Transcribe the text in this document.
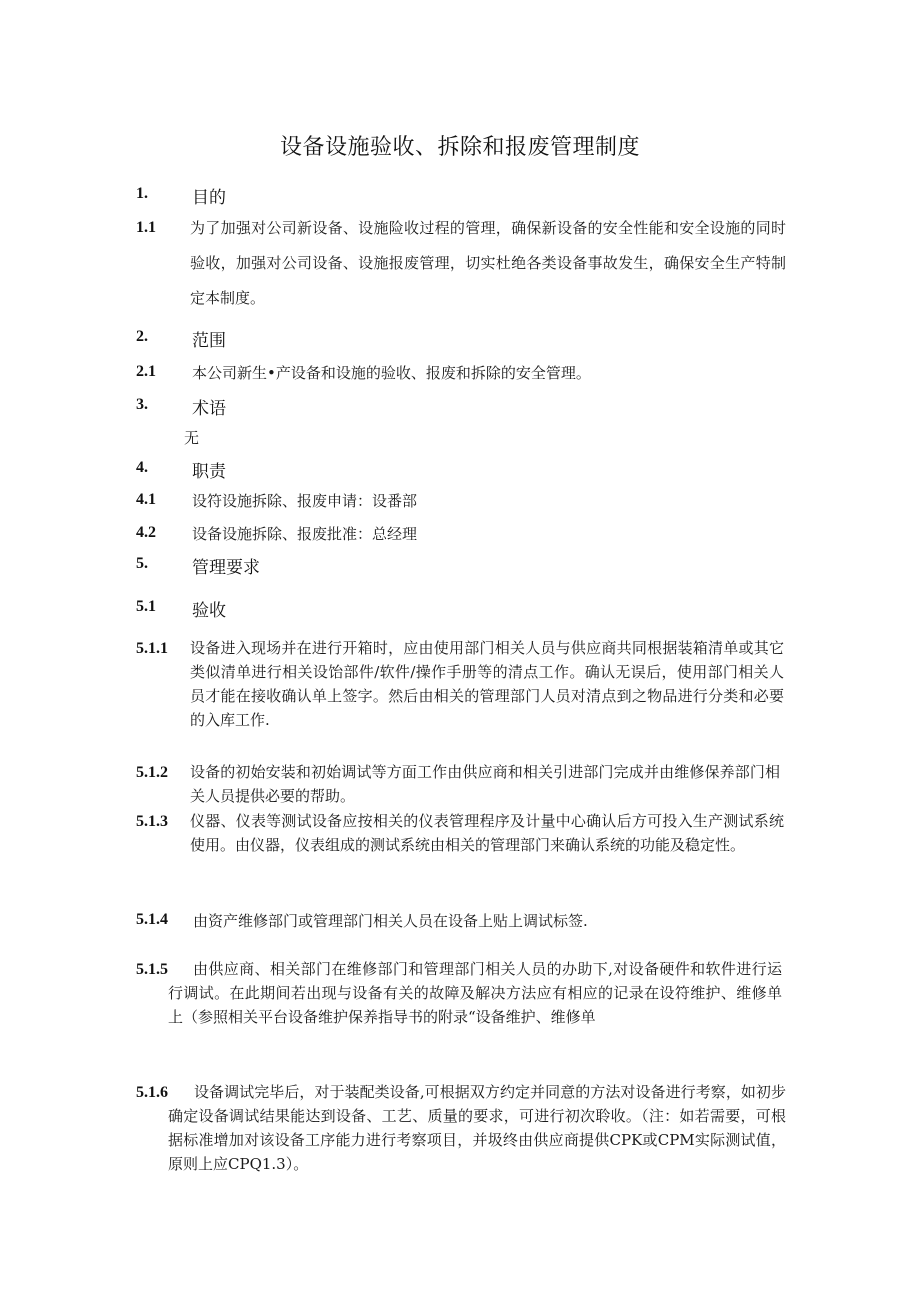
设备设施验收、拆除和报废管理制度
1.	目的
1.1 为了加强对公司新设备、设施险收过程的管理，确保新设备的安全性能和安全设施的同时验收，加强对公司设备、设施报废管理，切实杜绝各类设备事故发生，确保安全生产特制定本制度。
2.	范围
2.1 本公司新生•产设备和设施的验收、报废和拆除的安全管理。
3.	术语
无
4.	职责
4.1 设符设施拆除、报废申请：设番部
4.2 设备设施拆除、报废批准：总经理
5.	管理要求
5.1 验收
5.1.1 设备进入现场并在进行开箱时，应由使用部门相关人员与供应商共同根据装箱清单或其它类似清单进行相关设饴部件/软件/操作手册等的清点工作。确认无误后，使用部门相关人员才能在接收确认单上签字。然后由相关的管理部门人员对清点到之物品进行分类和必要的入库工作.
5.1.2 设备的初始安装和初始调试等方面工作由供应商和相关引进部门完成并由维修保养部门相关人员提供必要的帮助。
5.1.3 仪器、仪表等测试设备应按相关的仪表管理程序及计量中心确认后方可投入生产测试系统使用。由仪器，仪表组成的测试系统由相关的管理部门来确认系统的功能及稳定性。
5.1.4 由资产维修部门或管理部门相关人员在设备上贴上调试标签.
5.1.5	由供应商、相关部门在维修部门和管理部门相关人员的办助下,对设备硬件和软件进行运行调试。在此期间若出现与设备有关的故障及解决方法应有相应的记录在设符维护、维修单上（参照相关平台设备维护保养指导书的附录“设备维护、维修单
5.1.6	设备调试完毕后，对于装配类设备,可根据双方约定并同意的方法对设备进行考察，如初步确定设备调试结果能达到设备、工艺、质量的要求，可进行初次聆收。（注：如若需要，可根据标准增加对该设备工序能力进行考察项目，并圾终由供应商提供CPK或CPM实际测试值，原则上应CPQ1.3）。
